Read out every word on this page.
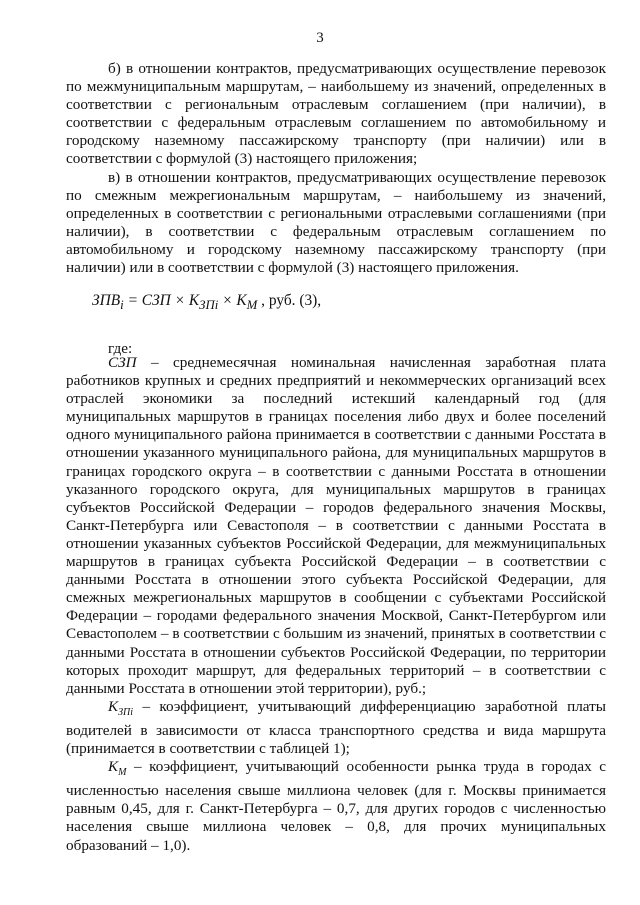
3

б) в отношении контрактов, предусматривающих осуществление перевозок по межмуниципальным маршрутам, – наибольшему из значений, определенных в соответствии с региональным отраслевым соглашением (при наличии), в соответствии с федеральным отраслевым соглашением по автомобильному и городскому наземному пассажирскому транспорту (при наличии) или в соответствии с формулой (3) настоящего приложения;

в) в отношении контрактов, предусматривающих осуществление перевозок по смежным межрегиональным маршрутам, – наибольшему из значений, определенных в соответствии с региональными отраслевыми соглашениями (при наличии), в соответствии с федеральным отраслевым соглашением по автомобильному и городскому наземному пассажирскому транспорту (при наличии) или в соответствии с формулой (3) настоящего приложения.

$ЗПВ_i$ = СЗП × $К_{ЗПi} \times К_М$ , руб. (3),
где:

СЗП – среднемесячная номинальная начисленная заработная плата работников крупных и средних предприятий и некоммерческих организаций всех отраслей экономики за последний истекший календарный год (для муниципальных маршрутов в границах поселения либо двух и более поселений одного муниципального района принимается в соответствии с данными Росстата в отношении указанного муниципального района, для муниципальных маршрутов в границах городского округа – в соответствии с данными Росстата в отношении указанного городского округа, для муниципальных маршрутов в границах субъектов Российской Федерации – городов федерального значения Москвы, Санкт-Петербурга или Севастополя – в соответствии с данными Росстата в отношении указанных субъектов Российской Федерации, для межмуниципальных маршрутов в границах субъекта Российской Федерации – в соответствии с данными Росстата в отношении этого субъекта Российской Федерации, для смежных межрегиональных маршрутов в сообщении с субъектами Российской Федерации – городами федерального значения Москвой, Санкт-Петербургом или Севастополем – в соответствии с большим из значений, принятых в соответствии с данными Росстата в отношении субъектов Российской Федерации, по территории которых проходит маршрут, для федеральных территорий – в соответствии с данными Росстата в отношении этой территории), руб.;

$К_{ЗПi}$ – коэффициент, учитывающий дифференциацию заработной платы водителей в зависимости от класса транспортного средства и вида маршрута (принимается в соответствии с таблицей 1);

$К_М$ – коэффициент, учитывающий особенности рынка труда в городах с численностью населения свыше миллиона человек (для г. Москвы принимается равным 0,45, для г. Санкт-Петербурга – 0,7, для других городов с численностью населения свыше миллиона человек – 0,8, для прочих муниципальных образований – 1,0).
